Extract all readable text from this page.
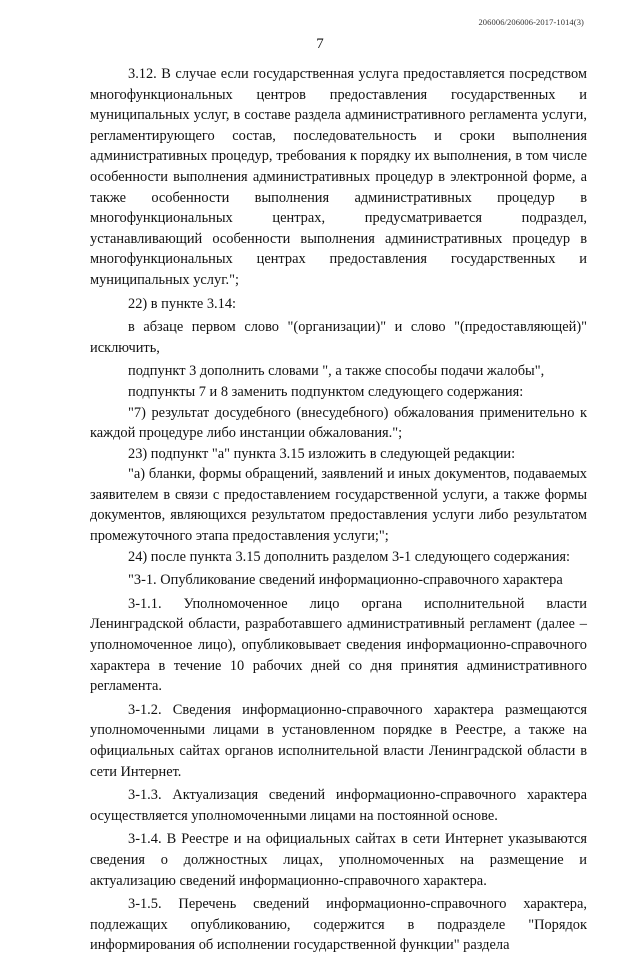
206006/206006-2017-1014(3)
7

3.12. В случае если государственная услуга предоставляется посредством многофункциональных центров предоставления государственных и муниципальных услуг, в составе раздела административного регламента услуги, регламентирующего состав, последовательность и сроки выполнения административных процедур, требования к порядку их выполнения, в том числе особенности выполнения административных процедур в электронной форме, а также особенности выполнения административных процедур в многофункциональных центрах, предусматривается подраздел, устанавливающий особенности выполнения административных процедур в многофункциональных центрах предоставления государственных и муниципальных услуг.";

22) в пункте 3.14:

в абзаце первом слово "(организации)" и слово "(предоставляющей)" исключить,

подпункт 3 дополнить словами ", а также способы подачи жалобы",

подпункты 7 и 8 заменить подпунктом следующего содержания:

"7) результат досудебного (внесудебного) обжалования применительно к каждой процедуре либо инстанции обжалования.";

23) подпункт "а" пункта 3.15 изложить в следующей редакции:

"а) бланки, формы обращений, заявлений и иных документов, подаваемых заявителем в связи с предоставлением государственной услуги, а также формы документов, являющихся результатом предоставления услуги либо результатом промежуточного этапа предоставления услуги;";

24) после пункта 3.15 дополнить разделом 3-1 следующего содержания:

"3-1. Опубликование сведений информационно-справочного характера

3-1.1. Уполномоченное лицо органа исполнительной власти Ленинградской области, разработавшего административный регламент (далее – уполномоченное лицо), опубликовывает сведения информационно-справочного характера в течение 10 рабочих дней со дня принятия административного регламента.

3-1.2. Сведения информационно-справочного характера размещаются уполномоченными лицами в установленном порядке в Реестре, а также на официальных сайтах органов исполнительной власти Ленинградской области в сети Интернет.

3-1.3. Актуализация сведений информационно-справочного характера осуществляется уполномоченными лицами на постоянной основе.

3-1.4. В Реестре и на официальных сайтах в сети Интернет указываются сведения о должностных лицах, уполномоченных на размещение и актуализацию сведений информационно-справочного характера.

3-1.5. Перечень сведений информационно-справочного характера, подлежащих опубликованию, содержится в подразделе "Порядок информирования об исполнении государственной функции" раздела
